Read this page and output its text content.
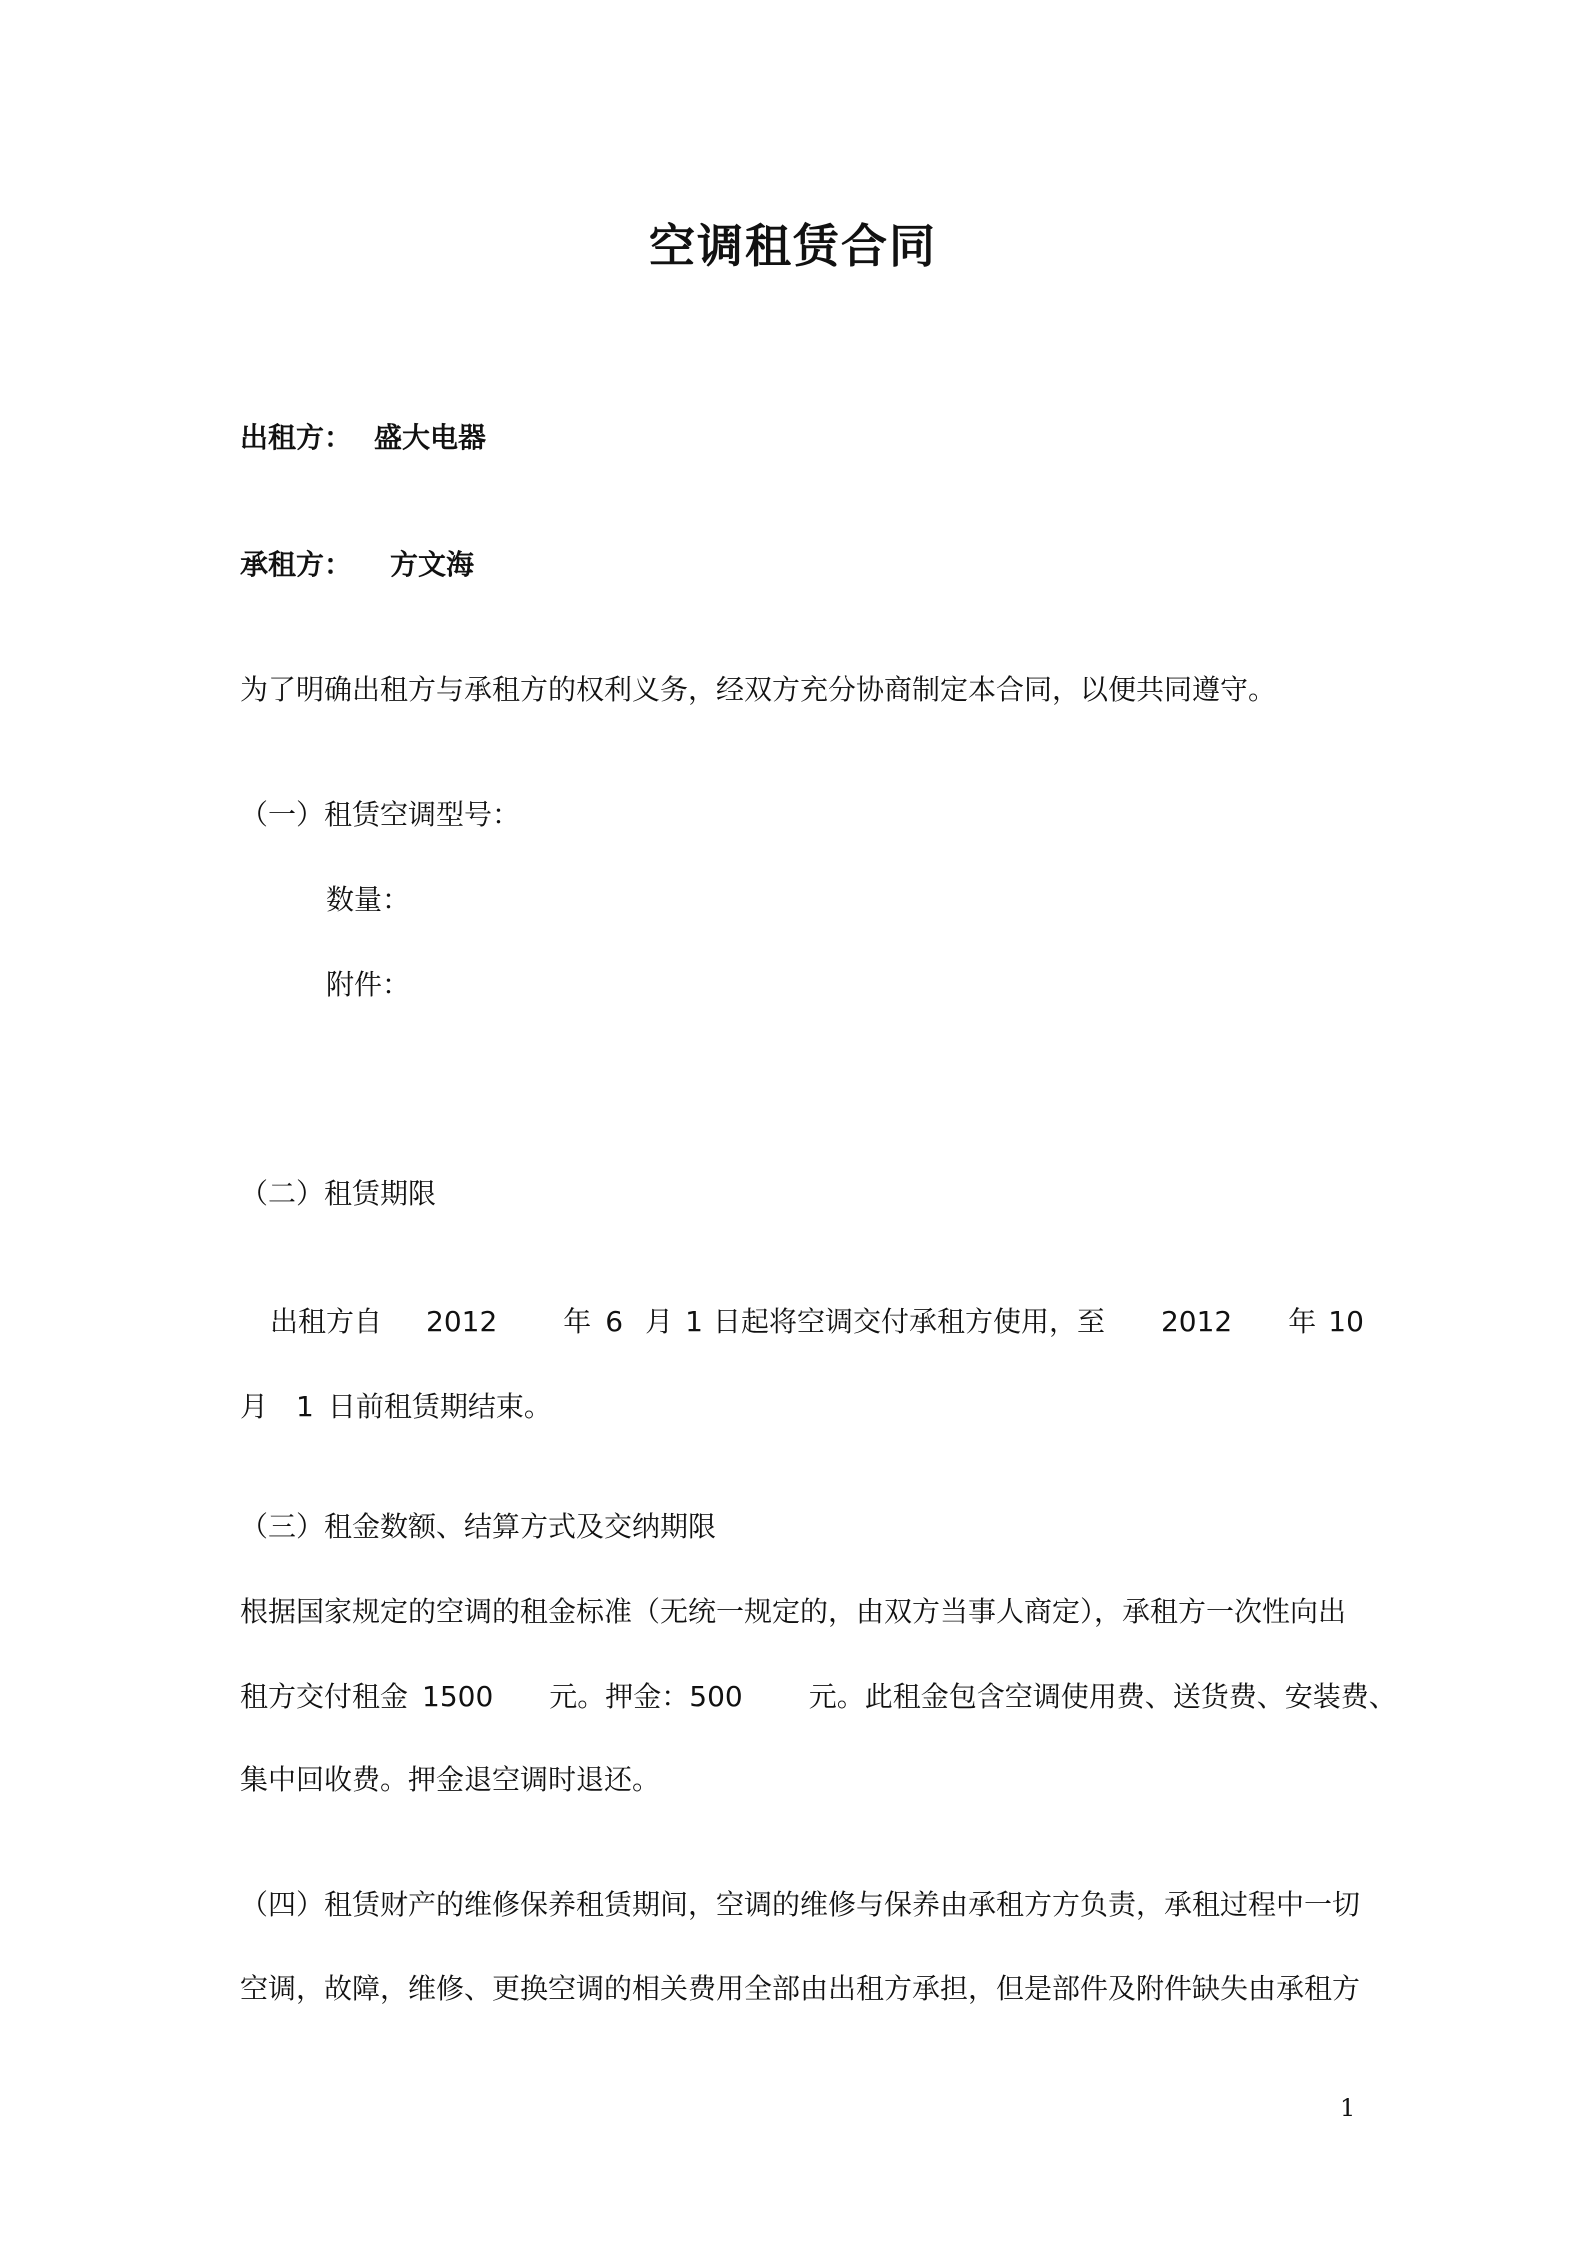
空调租赁合同
出租方： 盛大电器
承租方： 方文海
为了明确出租方与承租方的权利义务，经双方充分协商制定本合同，以便共同遵守。
（一）租赁空调型号：
数量：
附件：
（二）租赁期限
出租方自 2012 年 6 月 1 日起将空调交付承租方使用，至 2012 年 10
月 1 日前租赁期结束。
（三）租金数额、结算方式及交纳期限
根据国家规定的空调的租金标准（无统一规定的，由双方当事人商定），承租方一次性向出
租方交付租金 1500 元。押金：500 元。此租金包含空调使用费、送货费、安装费、
集中回收费。押金退空调时退还。
（四）租赁财产的维修保养租赁期间，空调的维修与保养由承租方方负责，承租过程中一切
空调，故障，维修、更换空调的相关费用全部由出租方承担，但是部件及附件缺失由承租方
1
